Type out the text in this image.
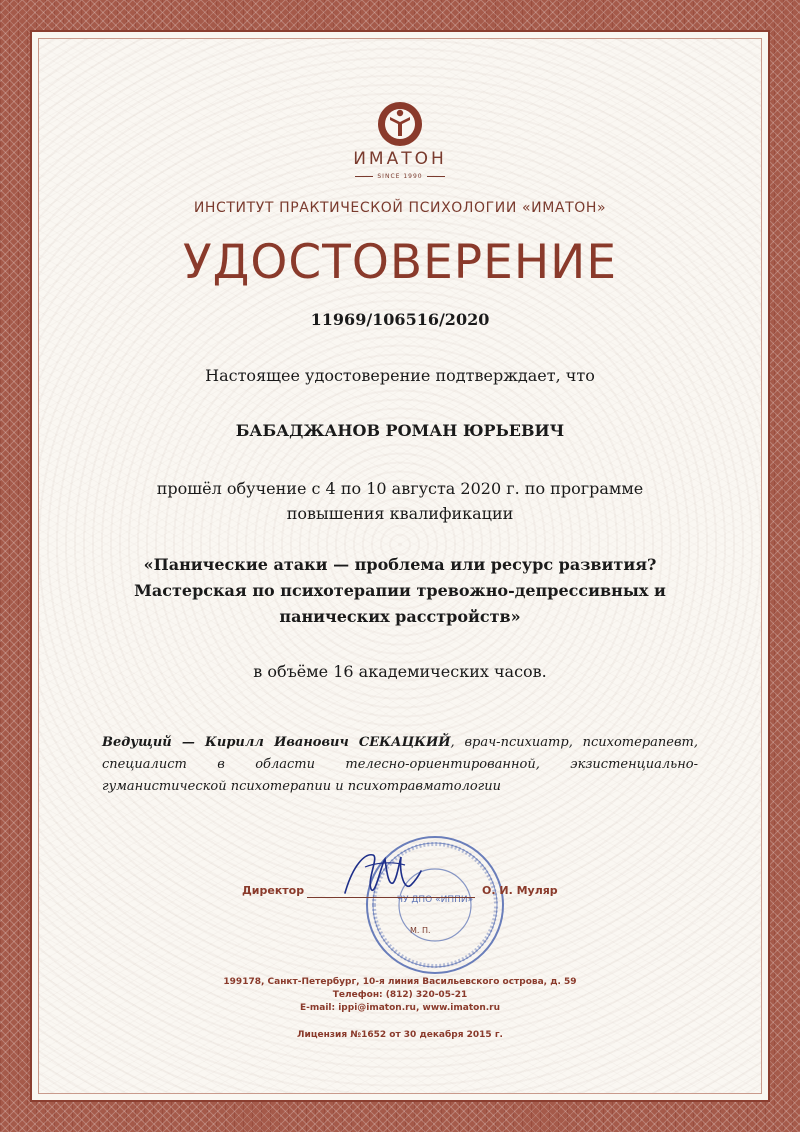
ИМАТОН
SINCE 1990
ИНСТИТУТ ПРАКТИЧЕСКОЙ ПСИХОЛОГИИ «ИМАТОН»
УДОСТОВЕРЕНИЕ
11969/106516/2020
Настоящее удостоверение подтверждает, что
БАБАДЖАНОВ РОМАН ЮРЬЕВИЧ
прошёл обучение с 4 по 10 августа 2020 г. по программе
повышения квалификации
«Панические атаки — проблема или ресурс развития?
Мастерская по психотерапии тревожно-депрессивных и
панических расстройств»
в объёме 16 академических часов.
Ведущий — Кирилл Иванович СЕКАЦКИЙ, врач-психиатр, психотерапевт, специалист в области телесно-ориентированной, экзистенциально-гуманистической психотерапии и психотравматологии
ЧУ ДПО «ИППИ»
Директор	О. И. Муляр
М. П.
199178, Санкт-Петербург, 10-я линия Васильевского острова, д. 59
Телефон: (812) 320-05-21
E-mail: ippi@imaton.ru, www.imaton.ru
Лицензия №1652 от 30 декабря 2015 г.
